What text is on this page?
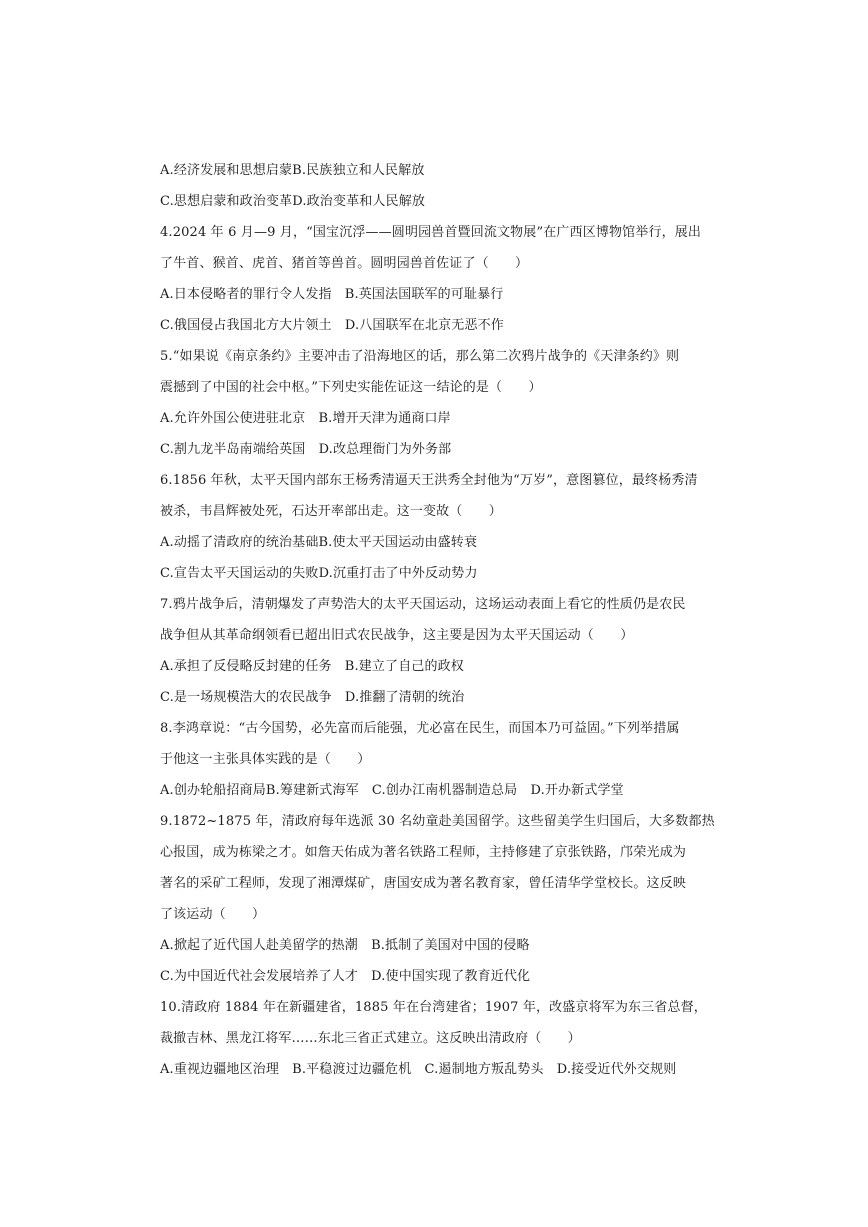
A.经济发展和思想启蒙B.民族独立和人民解放
C.思想启蒙和政治变革D.政治变革和人民解放
4.2024 年 6 月—9 月，“国宝沉浮——圆明园兽首暨回流文物展”在广西区博物馆举行，展出
了牛首、猴首、虎首、猪首等兽首。圆明园兽首佐证了（　　）
A.日本侵略者的罪行令人发指　B.英国法国联军的可耻暴行
C.俄国侵占我国北方大片领土　D.八国联军在北京无恶不作
5.“如果说《南京条约》主要冲击了沿海地区的话，那么第二次鸦片战争的《天津条约》则
震撼到了中国的社会中枢。”下列史实能佐证这一结论的是（　　）
A.允许外国公使进驻北京　B.增开天津为通商口岸
C.割九龙半岛南端给英国　D.改总理衙门为外务部
6.1856 年秋，太平天国内部东王杨秀清逼天王洪秀全封他为“万岁”，意图篡位，最终杨秀清
被杀，韦昌辉被处死，石达开率部出走。这一变故（　　）
A.动摇了清政府的统治基础B.使太平天国运动由盛转衰
C.宣告太平天国运动的失败D.沉重打击了中外反动势力
7.鸦片战争后，清朝爆发了声势浩大的太平天国运动，这场运动表面上看它的性质仍是农民
战争但从其革命纲领看已超出旧式农民战争，这主要是因为太平天国运动（　　）
A.承担了反侵略反封建的任务　B.建立了自己的政权
C.是一场规模浩大的农民战争　D.推翻了清朝的统治
8.李鸿章说：“古今国势，必先富而后能强，尤必富在民生，而国本乃可益固。”下列举措属
于他这一主张具体实践的是（　　）
A.创办轮船招商局B.筹建新式海军　C.创办江南机器制造总局　D.开办新式学堂
9.1872~1875 年，清政府每年选派 30 名幼童赴美国留学。这些留美学生归国后，大多数都热
心报国，成为栋梁之才。如詹天佑成为著名铁路工程师，主持修建了京张铁路，邝荣光成为
著名的采矿工程师，发现了湘潭煤矿，唐国安成为著名教育家，曾任清华学堂校长。这反映
了该运动（　　）
A.掀起了近代国人赴美留学的热潮　B.抵制了美国对中国的侵略
C.为中国近代社会发展培养了人才　D.使中国实现了教育近代化
10.清政府 1884 年在新疆建省，1885 年在台湾建省；1907 年，改盛京将军为东三省总督，
裁撤吉林、黑龙江将军……东北三省正式建立。这反映出清政府（　　）
A.重视边疆地区治理　B.平稳渡过边疆危机　C.遏制地方叛乱势头　D.接受近代外交规则
